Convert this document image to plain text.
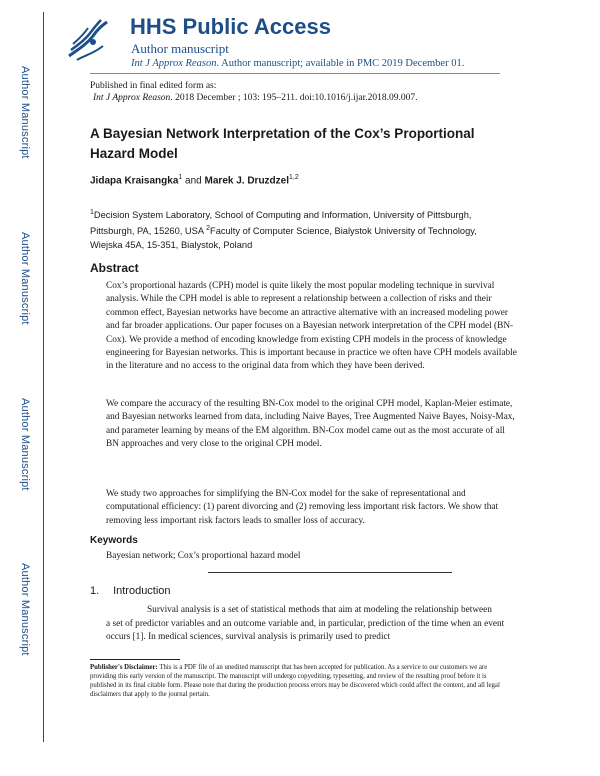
Author Manuscript
Author Manuscript
Author Manuscript
Author Manuscript
HHS Public Access
Author manuscript
Int J Approx Reason. Author manuscript; available in PMC 2019 December 01.
Published in final edited form as:
Int J Approx Reason. 2018 December ; 103: 195–211. doi:10.1016/j.ijar.2018.09.007.
A Bayesian Network Interpretation of the Cox’s Proportional Hazard Model
Jidapa Kraisangka$^1$ and Marek J. Druzdzel$^{1,2}$
$^1$Decision System Laboratory, School of Computing and Information, University of Pittsburgh, Pittsburgh, PA, 15260, USA $^2$Faculty of Computer Science, Bialystok University of Technology, Wiejska 45A, 15-351, Bialystok, Poland
Abstract

Cox’s proportional hazards (CPH) model is quite likely the most popular modeling technique in survival analysis. While the CPH model is able to represent a relationship between a collection of risks and their common effect, Bayesian networks have become an attractive alternative with an increased modeling power and far broader applications. Our paper focuses on a Bayesian network interpretation of the CPH model (BN-Cox). We provide a method of encoding knowledge from existing CPH models in the process of knowledge engineering for Bayesian networks. This is important because in practice we often have CPH models available in the literature and no access to the original data from which they have been derived.

We compare the accuracy of the resulting BN-Cox model to the original CPH model, Kaplan-Meier estimate, and Bayesian networks learned from data, including Naive Bayes, Tree Augmented Naive Bayes, Noisy-Max, and parameter learning by means of the EM algorithm. BN-Cox model came out as the most accurate of all BN approaches and very close to the original CPH model.

We study two approaches for simplifying the BN-Cox model for the sake of representational and computational efficiency: (1) parent divorcing and (2) removing less important risk factors. We show that removing less important risk factors leads to smaller loss of accuracy.

Keywords
Bayesian network; Cox’s proportional hazard model
1. Introduction

Survival analysis is a set of statistical methods that aim at modeling the relationship between

a set of predictor variables and an outcome variable and, in particular, prediction of the time when an event occurs [1]. In medical sciences, survival analysis is primarily used to predict

Publisher's Disclaimer: This is a PDF file of an unedited manuscript that has been accepted for publication. As a service to our customers we are providing this early version of the manuscript. The manuscript will undergo copyediting, typesetting, and review of the resulting proof before it is published in its final citable form. Please note that during the production process errors may be discovered which could affect the content, and all legal disclaimers that apply to the journal pertain.
